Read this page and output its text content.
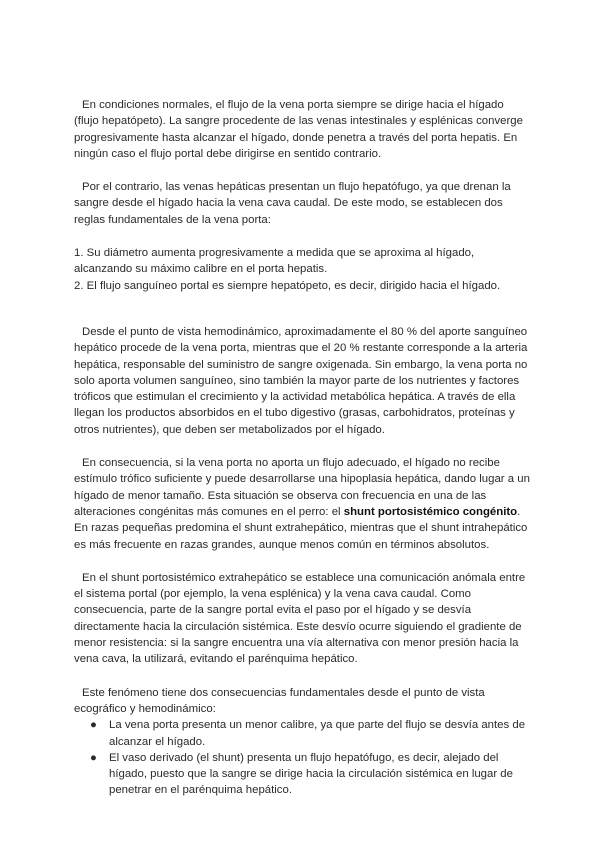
En condiciones normales, el flujo de la vena porta siempre se dirige hacia el hígado (flujo hepatópeto). La sangre procedente de las venas intestinales y esplénicas converge progresivamente hasta alcanzar el hígado, donde penetra a través del porta hepatis. En ningún caso el flujo portal debe dirigirse en sentido contrario.

Por el contrario, las venas hepáticas presentan un flujo hepatófugo, ya que drenan la sangre desde el hígado hacia la vena cava caudal. De este modo, se establecen dos reglas fundamentales de la vena porta:

1. Su diámetro aumenta progresivamente a medida que se aproxima al hígado, alcanzando su máximo calibre en el porta hepatis.

2. El flujo sanguíneo portal es siempre hepatópeto, es decir, dirigido hacia el hígado.

Desde el punto de vista hemodinámico, aproximadamente el 80 % del aporte sanguíneo hepático procede de la vena porta, mientras que el 20 % restante corresponde a la arteria hepática, responsable del suministro de sangre oxigenada. Sin embargo, la vena porta no solo aporta volumen sanguíneo, sino también la mayor parte de los nutrientes y factores tróficos que estimulan el crecimiento y la actividad metabólica hepática. A través de ella llegan los productos absorbidos en el tubo digestivo (grasas, carbohidratos, proteínas y otros nutrientes), que deben ser metabolizados por el hígado.

En consecuencia, si la vena porta no aporta un flujo adecuado, el hígado no recibe estímulo trófico suficiente y puede desarrollarse una hipoplasia hepática, dando lugar a un hígado de menor tamaño. Esta situación se observa con frecuencia en una de las alteraciones congénitas más comunes en el perro: el shunt portosistémico congénito. En razas pequeñas predomina el shunt extrahepático, mientras que el shunt intrahepático es más frecuente en razas grandes, aunque menos común en términos absolutos.

En el shunt portosistémico extrahepático se establece una comunicación anómala entre el sistema portal (por ejemplo, la vena esplénica) y la vena cava caudal. Como consecuencia, parte de la sangre portal evita el paso por el hígado y se desvía directamente hacia la circulación sistémica. Este desvío ocurre siguiendo el gradiente de menor resistencia: si la sangre encuentra una vía alternativa con menor presión hacia la vena cava, la utilizará, evitando el parénquima hepático.

Este fenómeno tiene dos consecuencias fundamentales desde el punto de vista ecográfico y hemodinámico:

● La vena porta presenta un menor calibre, ya que parte del flujo se desvía antes de alcanzar el hígado.
● El vaso derivado (el shunt) presenta un flujo hepatófugo, es decir, alejado del hígado, puesto que la sangre se dirige hacia la circulación sistémica en lugar de penetrar en el parénquima hepático.
